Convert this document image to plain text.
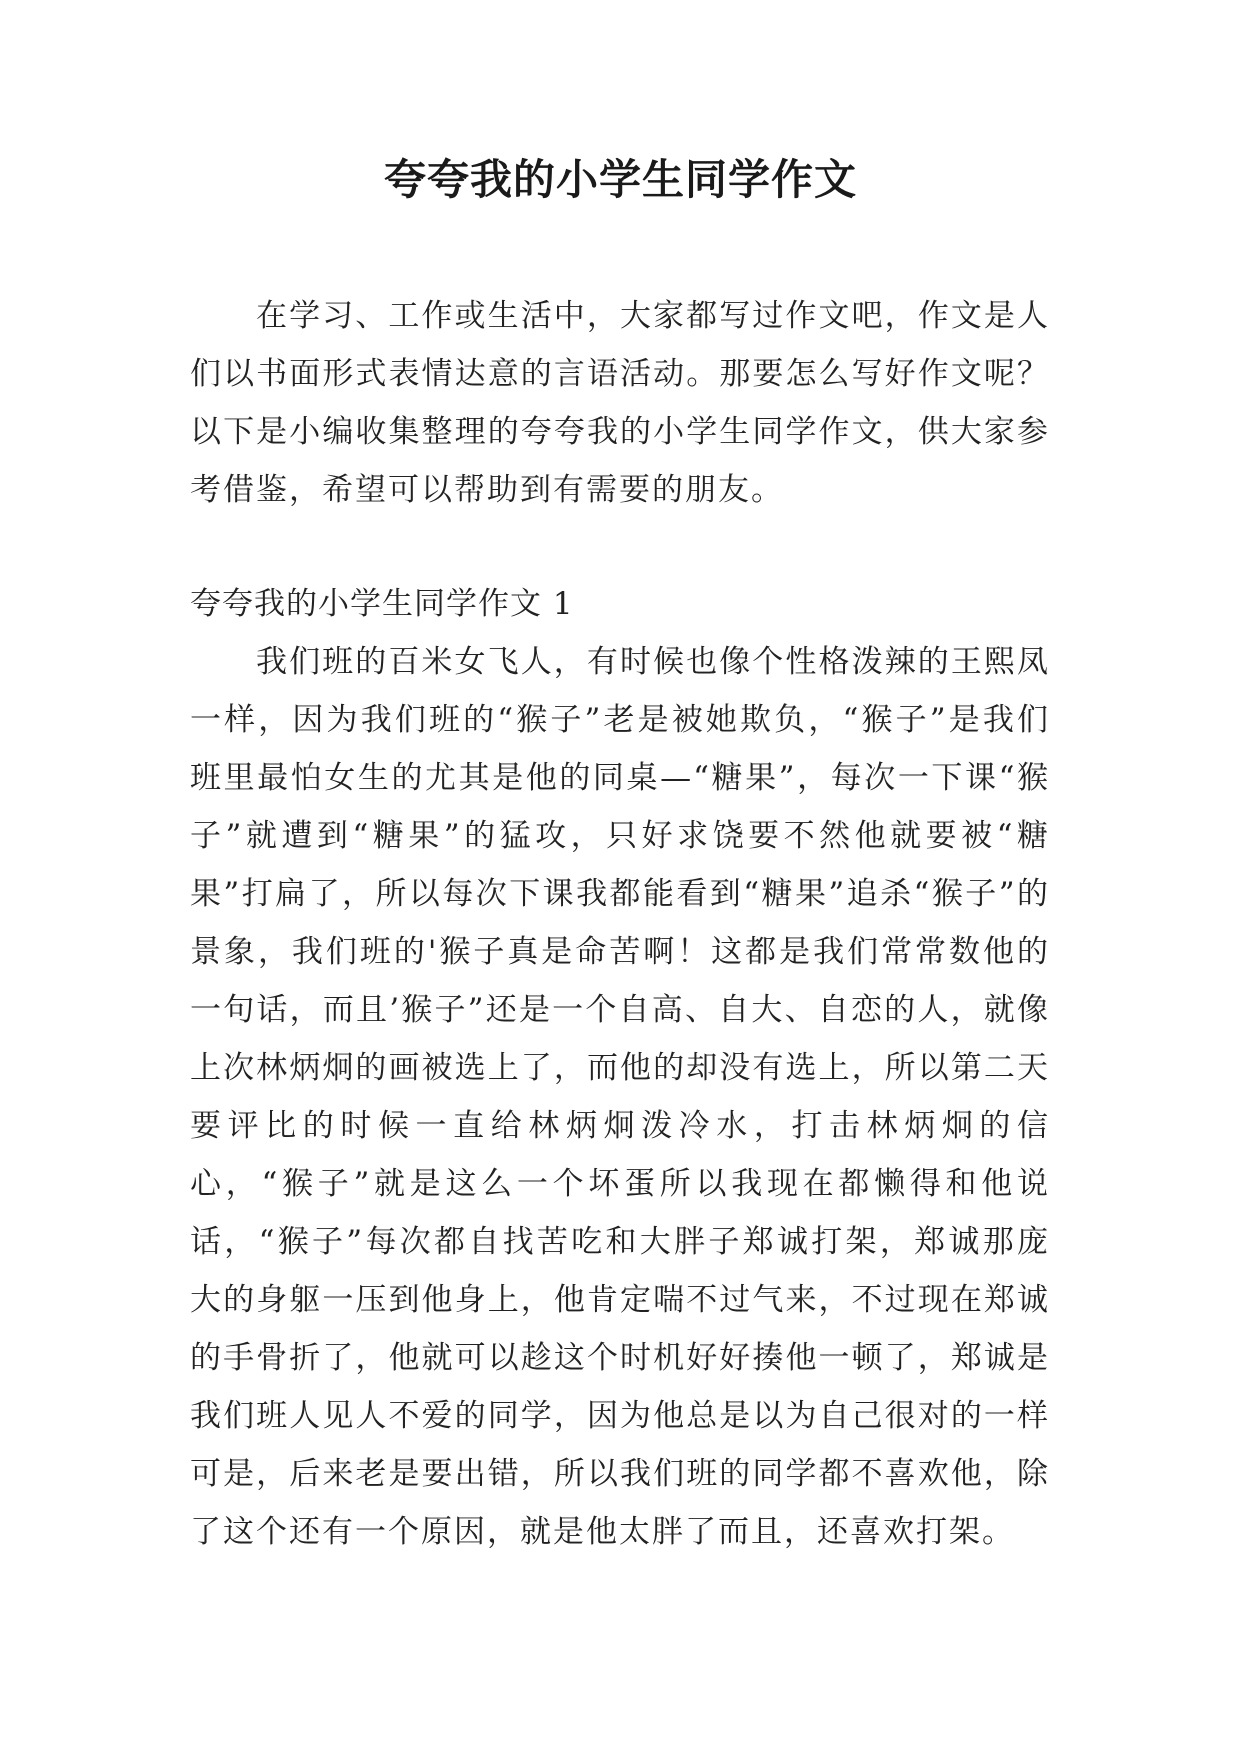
夸夸我的小学生同学作文

在学习、工作或生活中，大家都写过作文吧，作文是人们以书面形式表情达意的言语活动。那要怎么写好作文呢？以下是小编收集整理的夸夸我的小学生同学作文，供大家参考借鉴，希望可以帮助到有需要的朋友。

夸夸我的小学生同学作文 1

我们班的百米女飞人，有时候也像个性格泼辣的王熙凤一样，因为我们班的“猴子”老是被她欺负，“猴子”是我们班里最怕女生的尤其是他的同桌—“糖果”，每次一下课“猴子”就遭到“糖果”的猛攻，只好求饶要不然他就要被“糖果”打扁了，所以每次下课我都能看到“糖果”追杀“猴子”的景象，我们班的'猴子真是命苦啊！这都是我们常常数他的一句话，而且’猴子”还是一个自高、自大、自恋的人，就像上次林炳炯的画被选上了，而他的却没有选上，所以第二天要评比的时候一直给林炳炯泼冷水，打击林炳炯的信心，“猴子”就是这么一个坏蛋所以我现在都懒得和他说话，“猴子”每次都自找苦吃和大胖子郑诚打架，郑诚那庞大的身躯一压到他身上，他肯定喘不过气来，不过现在郑诚的手骨折了，他就可以趁这个时机好好揍他一顿了，郑诚是我们班人见人不爱的同学，因为他总是以为自己很对的一样可是，后来老是要出错，所以我们班的同学都不喜欢他，除了这个还有一个原因，就是他太胖了而且，还喜欢打架。
